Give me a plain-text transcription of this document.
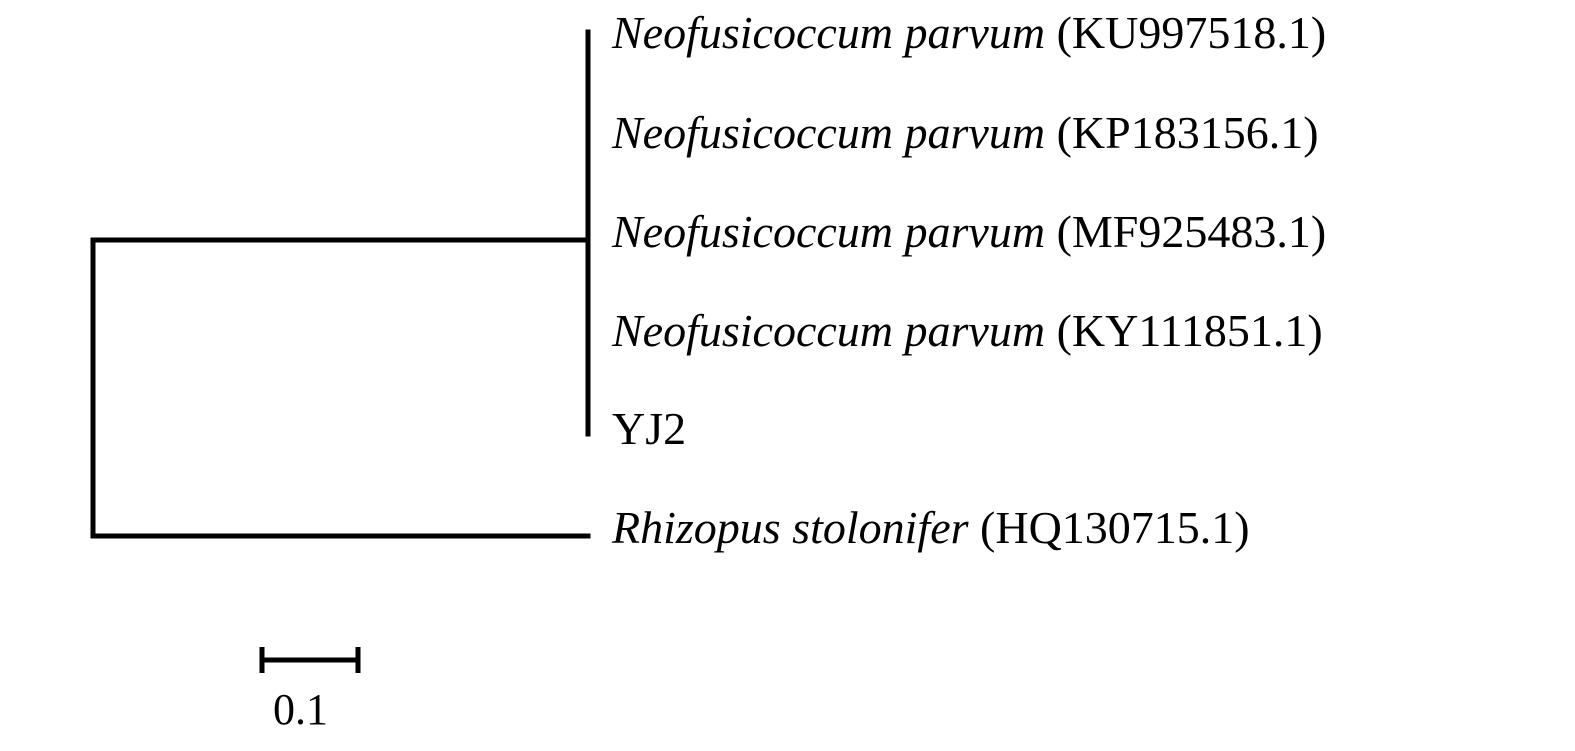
Neofusicoccum parvum (KU997518.1)
Neofusicoccum parvum (KP183156.1)
Neofusicoccum parvum (MF925483.1)
Neofusicoccum parvum (KY111851.1)
YJ2
Rhizopus stolonifer (HQ130715.1)
0.1
